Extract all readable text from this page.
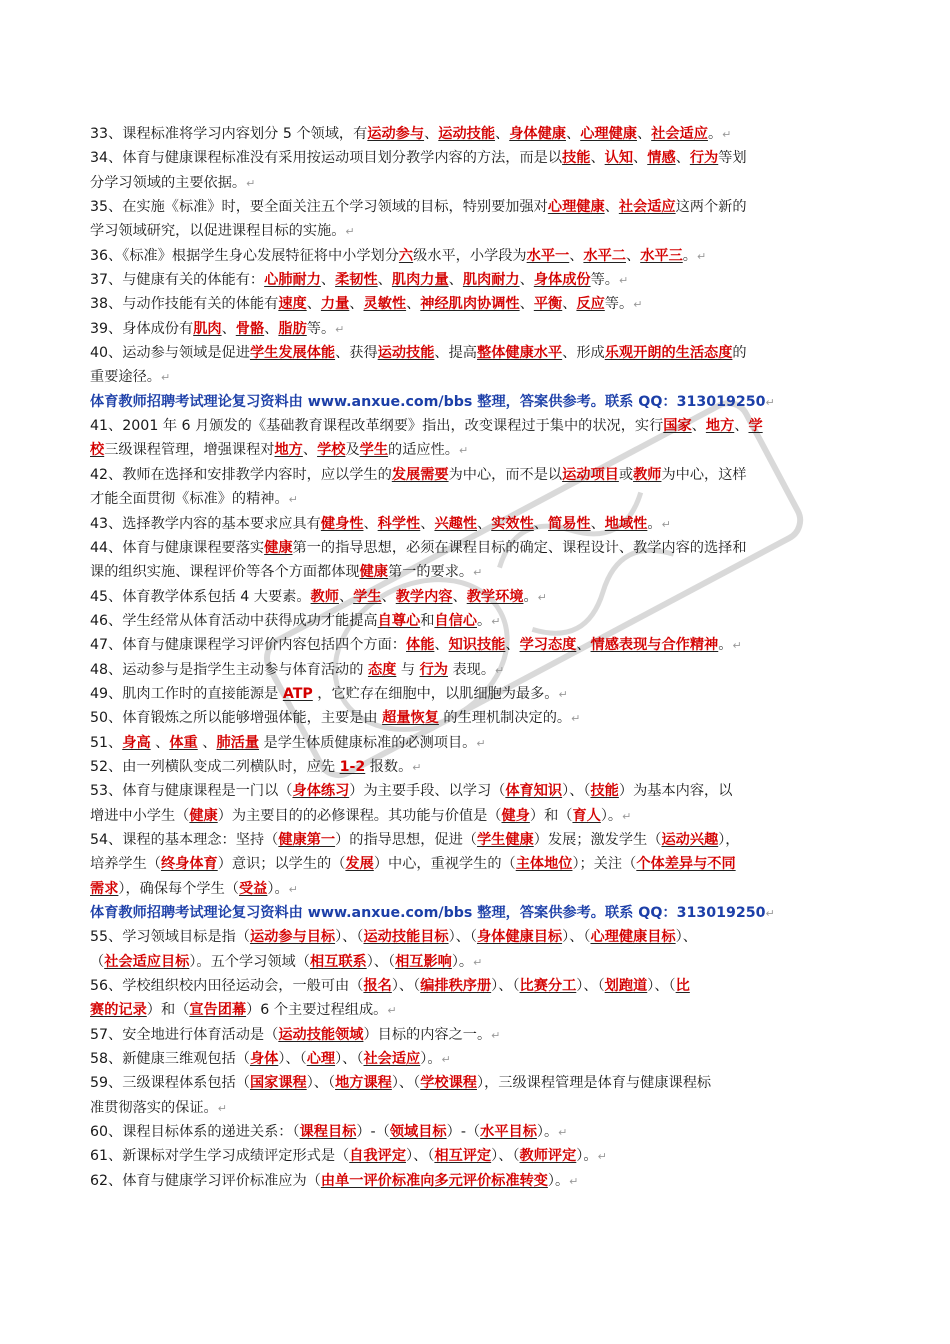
33、课程标准将学习内容划分 5 个领域，有运动参与、运动技能、身体健康、心理健康、社会适应。↵
34、体育与健康课程标准没有采用按运动项目划分教学内容的方法，而是以技能、认知、情感、行为等划
分学习领域的主要依据。↵
35、在实施《标准》时，要全面关注五个学习领域的目标，特别要加强对心理健康、社会适应这两个新的
学习领域研究，以促进课程目标的实施。↵
36、《标准》根据学生身心发展特征将中小学划分六级水平，小学段为水平一、水平二、水平三。↵
37、与健康有关的体能有：心肺耐力、柔韧性、肌肉力量、肌肉耐力、身体成份等。↵
38、与动作技能有关的体能有速度、力量、灵敏性、神经肌肉协调性、平衡、反应等。↵
39、身体成份有肌肉、骨骼、脂肪等。↵
40、运动参与领域是促进学生发展体能、获得运动技能、提高整体健康水平、形成乐观开朗的生活态度的
重要途径。↵
体育教师招聘考试理论复习资料由 www.anxue.com/bbs 整理，答案供参考。联系 QQ：313019250↵
41、2001 年 6 月颁发的《基础教育课程改革纲要》指出，改变课程过于集中的状况，实行国家、地方、学
校三级课程管理，增强课程对地方、学校及学生的适应性。↵
42、教师在选择和安排教学内容时，应以学生的发展需要为中心，而不是以运动项目或教师为中心，这样
才能全面贯彻《标准》的精神。↵
43、选择教学内容的基本要求应具有健身性、科学性、兴趣性、实效性、简易性、地域性。↵
44、体育与健康课程要落实健康第一的指导思想，必须在课程目标的确定、课程设计、教学内容的选择和
课的组织实施、课程评价等各个方面都体现健康第一的要求。↵
45、体育教学体系包括 4 大要素。教师、学生、教学内容、教学环境。↵
46、学生经常从体育活动中获得成功才能提高自尊心和自信心。↵
47、体育与健康课程学习评价内容包括四个方面：体能、知识技能、学习态度、情感表现与合作精神。↵
48、运动参与是指学生主动参与体育活动的 态度 与 行为 表现。↵
49、肌肉工作时的直接能源是 ATP ，它贮存在细胞中，以肌细胞为最多。↵
50、体育锻炼之所以能够增强体能，主要是由 超量恢复 的生理机制决定的。↵
51、身高 、体重 、肺活量 是学生体质健康标准的必测项目。↵
52、由一列横队变成二列横队时，应先 1-2 报数。↵
53、体育与健康课程是一门以（身体练习）为主要手段、以学习（体育知识）、（技能）为基本内容，以
增进中小学生（健康）为主要目的的必修课程。其功能与价值是（健身）和（育人）。↵
54、课程的基本理念：坚持（健康第一）的指导思想，促进（学生健康）发展；激发学生（运动兴趣），
培养学生（终身体育）意识；以学生的（发展）中心，重视学生的（主体地位）；关注（个体差异与不同
需求），确保每个学生（受益）。↵
体育教师招聘考试理论复习资料由 www.anxue.com/bbs 整理，答案供参考。联系 QQ：313019250↵
55、学习领域目标是指（运动参与目标）、（运动技能目标）、（身体健康目标）、（心理健康目标）、
（社会适应目标）。五个学习领域（相互联系）、（相互影响）。↵
56、学校组织校内田径运动会，一般可由（报名）、（编排秩序册）、（比赛分工）、（划跑道）、（比
赛的记录）和（宣告团幕）6 个主要过程组成。↵
57、安全地进行体育活动是（运动技能领域）目标的内容之一。↵
58、新健康三维观包括（身体）、（心理）、（社会适应）。↵
59、三级课程体系包括（国家课程）、（地方课程）、（学校课程），三级课程管理是体育与健康课程标
准贯彻落实的保证。↵
60、课程目标体系的递进关系：（课程目标）-（领域目标）-（水平目标）。↵
61、新课标对学生学习成绩评定形式是（自我评定）、（相互评定）、（教师评定）。↵
62、体育与健康学习评价标准应为（由单一评价标准向多元评价标准转变）。↵
